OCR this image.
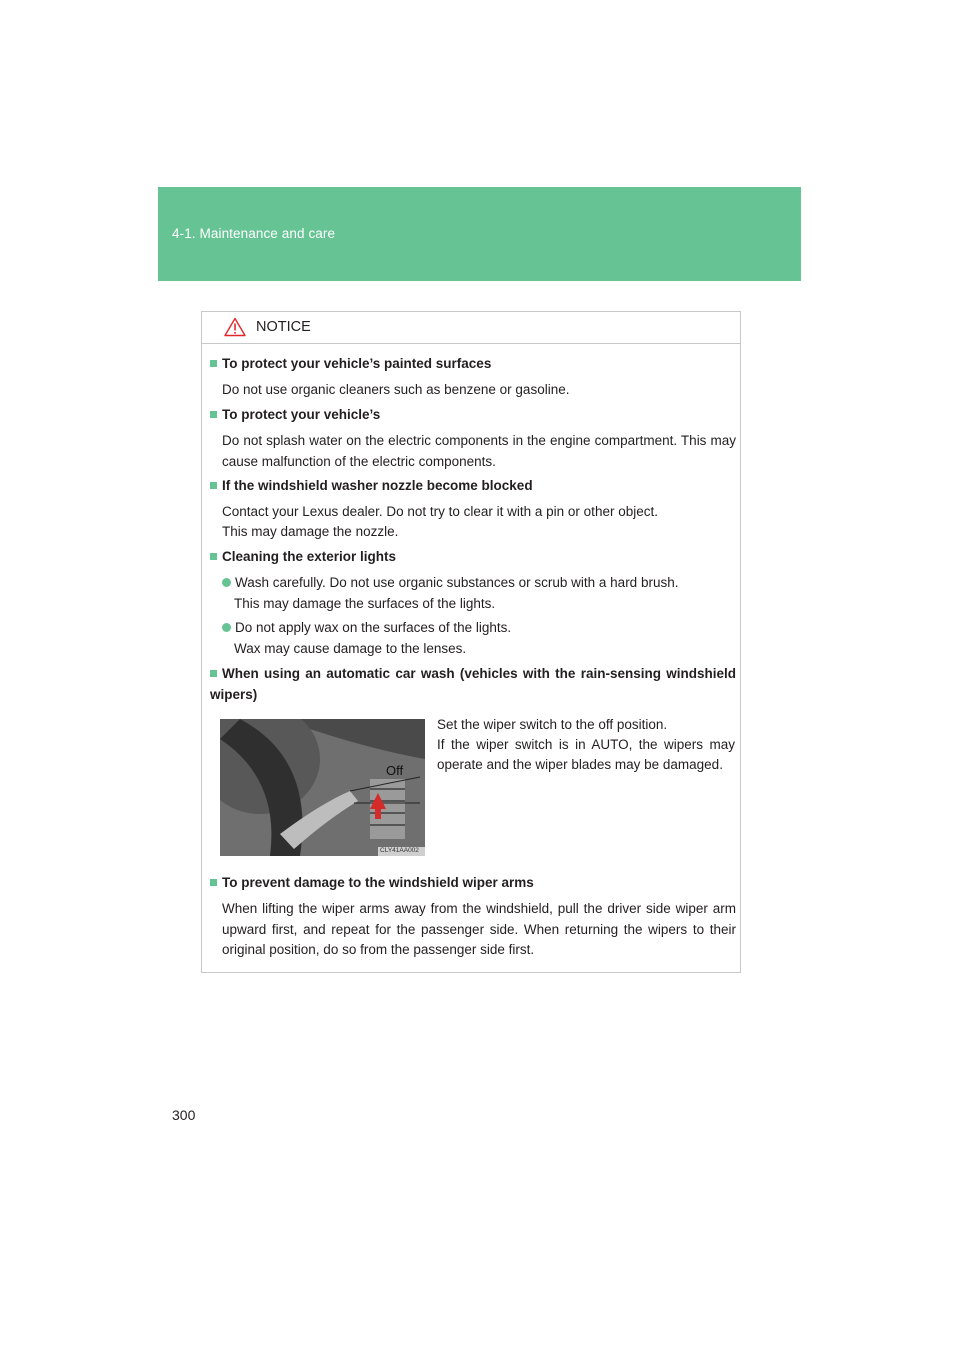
4-1. Maintenance and care
NOTICE
To protect your vehicle’s painted surfaces
Do not use organic cleaners such as benzene or gasoline.
To protect your vehicle’s
Do not splash water on the electric components in the engine compartment. This may cause malfunction of the electric components.
If the windshield washer nozzle become blocked
Contact your Lexus dealer. Do not try to clear it with a pin or other object.
This may damage the nozzle.
Cleaning the exterior lights
Wash carefully. Do not use organic substances or scrub with a hard brush.
This may damage the surfaces of the lights.
Do not apply wax on the surfaces of the lights.
Wax may cause damage to the lenses.
When using an automatic car wash (vehicles with the rain-sensing windshield wipers)
Off
CLY41AA002
Set the wiper switch to the off position.
If the wiper switch is in AUTO, the wipers may operate and the wiper blades may be damaged.
To prevent damage to the windshield wiper arms
When lifting the wiper arms away from the windshield, pull the driver side wiper arm upward first, and repeat for the passenger side. When returning the wipers to their original position, do so from the passenger side first.
300
